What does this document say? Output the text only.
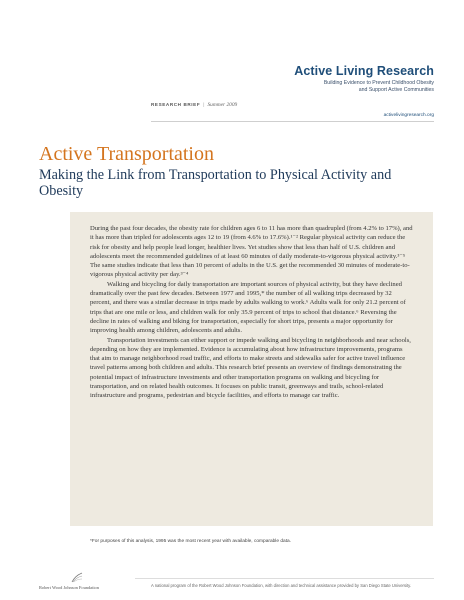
Active Living Research
Building Evidence to Prevent Childhood Obesity
and Support Active Communities
RESEARCH BRIEF | Summer 2009
activelivingresearch.org
Active Transportation
Making the Link from Transportation to Physical Activity and Obesity

During the past four decades, the obesity rate for children ages 6 to 11 has more than quadrupled (from 4.2% to 17%), and it has more than tripled for adolescents ages 12 to 19 (from 4.6% to 17.6%).¹⁻² Regular physical activity can reduce the risk for obesity and help people lead longer, healthier lives. Yet studies show that less than half of U.S. children and adolescents meet the recommended guidelines of at least 60 minutes of daily moderate-to-vigorous physical activity.³⁻⁵ The same studies indicate that less than 10 percent of adults in the U.S. get the recommended 30 minutes of moderate-to-vigorous physical activity per day.³⁻⁴

Walking and bicycling for daily transportation are important sources of physical activity, but they have declined dramatically over the past few decades. Between 1977 and 1995,* the number of all walking trips decreased by 32 percent, and there was a similar decrease in trips made by adults walking to work.⁶ Adults walk for only 21.2 percent of trips that are one mile or less, and children walk for only 35.9 percent of trips to school that distance.⁶ Reversing the decline in rates of walking and biking for transportation, especially for short trips, presents a major opportunity for improving health among children, adolescents and adults.

Transportation investments can either support or impede walking and bicycling in neighborhoods and near schools, depending on how they are implemented. Evidence is accumulating about how infrastructure improvements, programs that aim to manage neighborhood road traffic, and efforts to make streets and sidewalks safer for active travel influence travel patterns among both children and adults. This research brief presents an overview of findings demonstrating the potential impact of infrastructure investments and other transportation programs on walking and bicycling for transportation, and on related health outcomes. It focuses on public transit, greenways and trails, school-related infrastructure and programs, pedestrian and bicycle facilities, and efforts to manage car traffic.

*For purposes of this analysis, 1995 was the most recent year with available, comparable data.
Robert Wood Johnson Foundation	A national program of the Robert Wood Johnson Foundation, with direction and technical assistance provided by San Diego State University.
